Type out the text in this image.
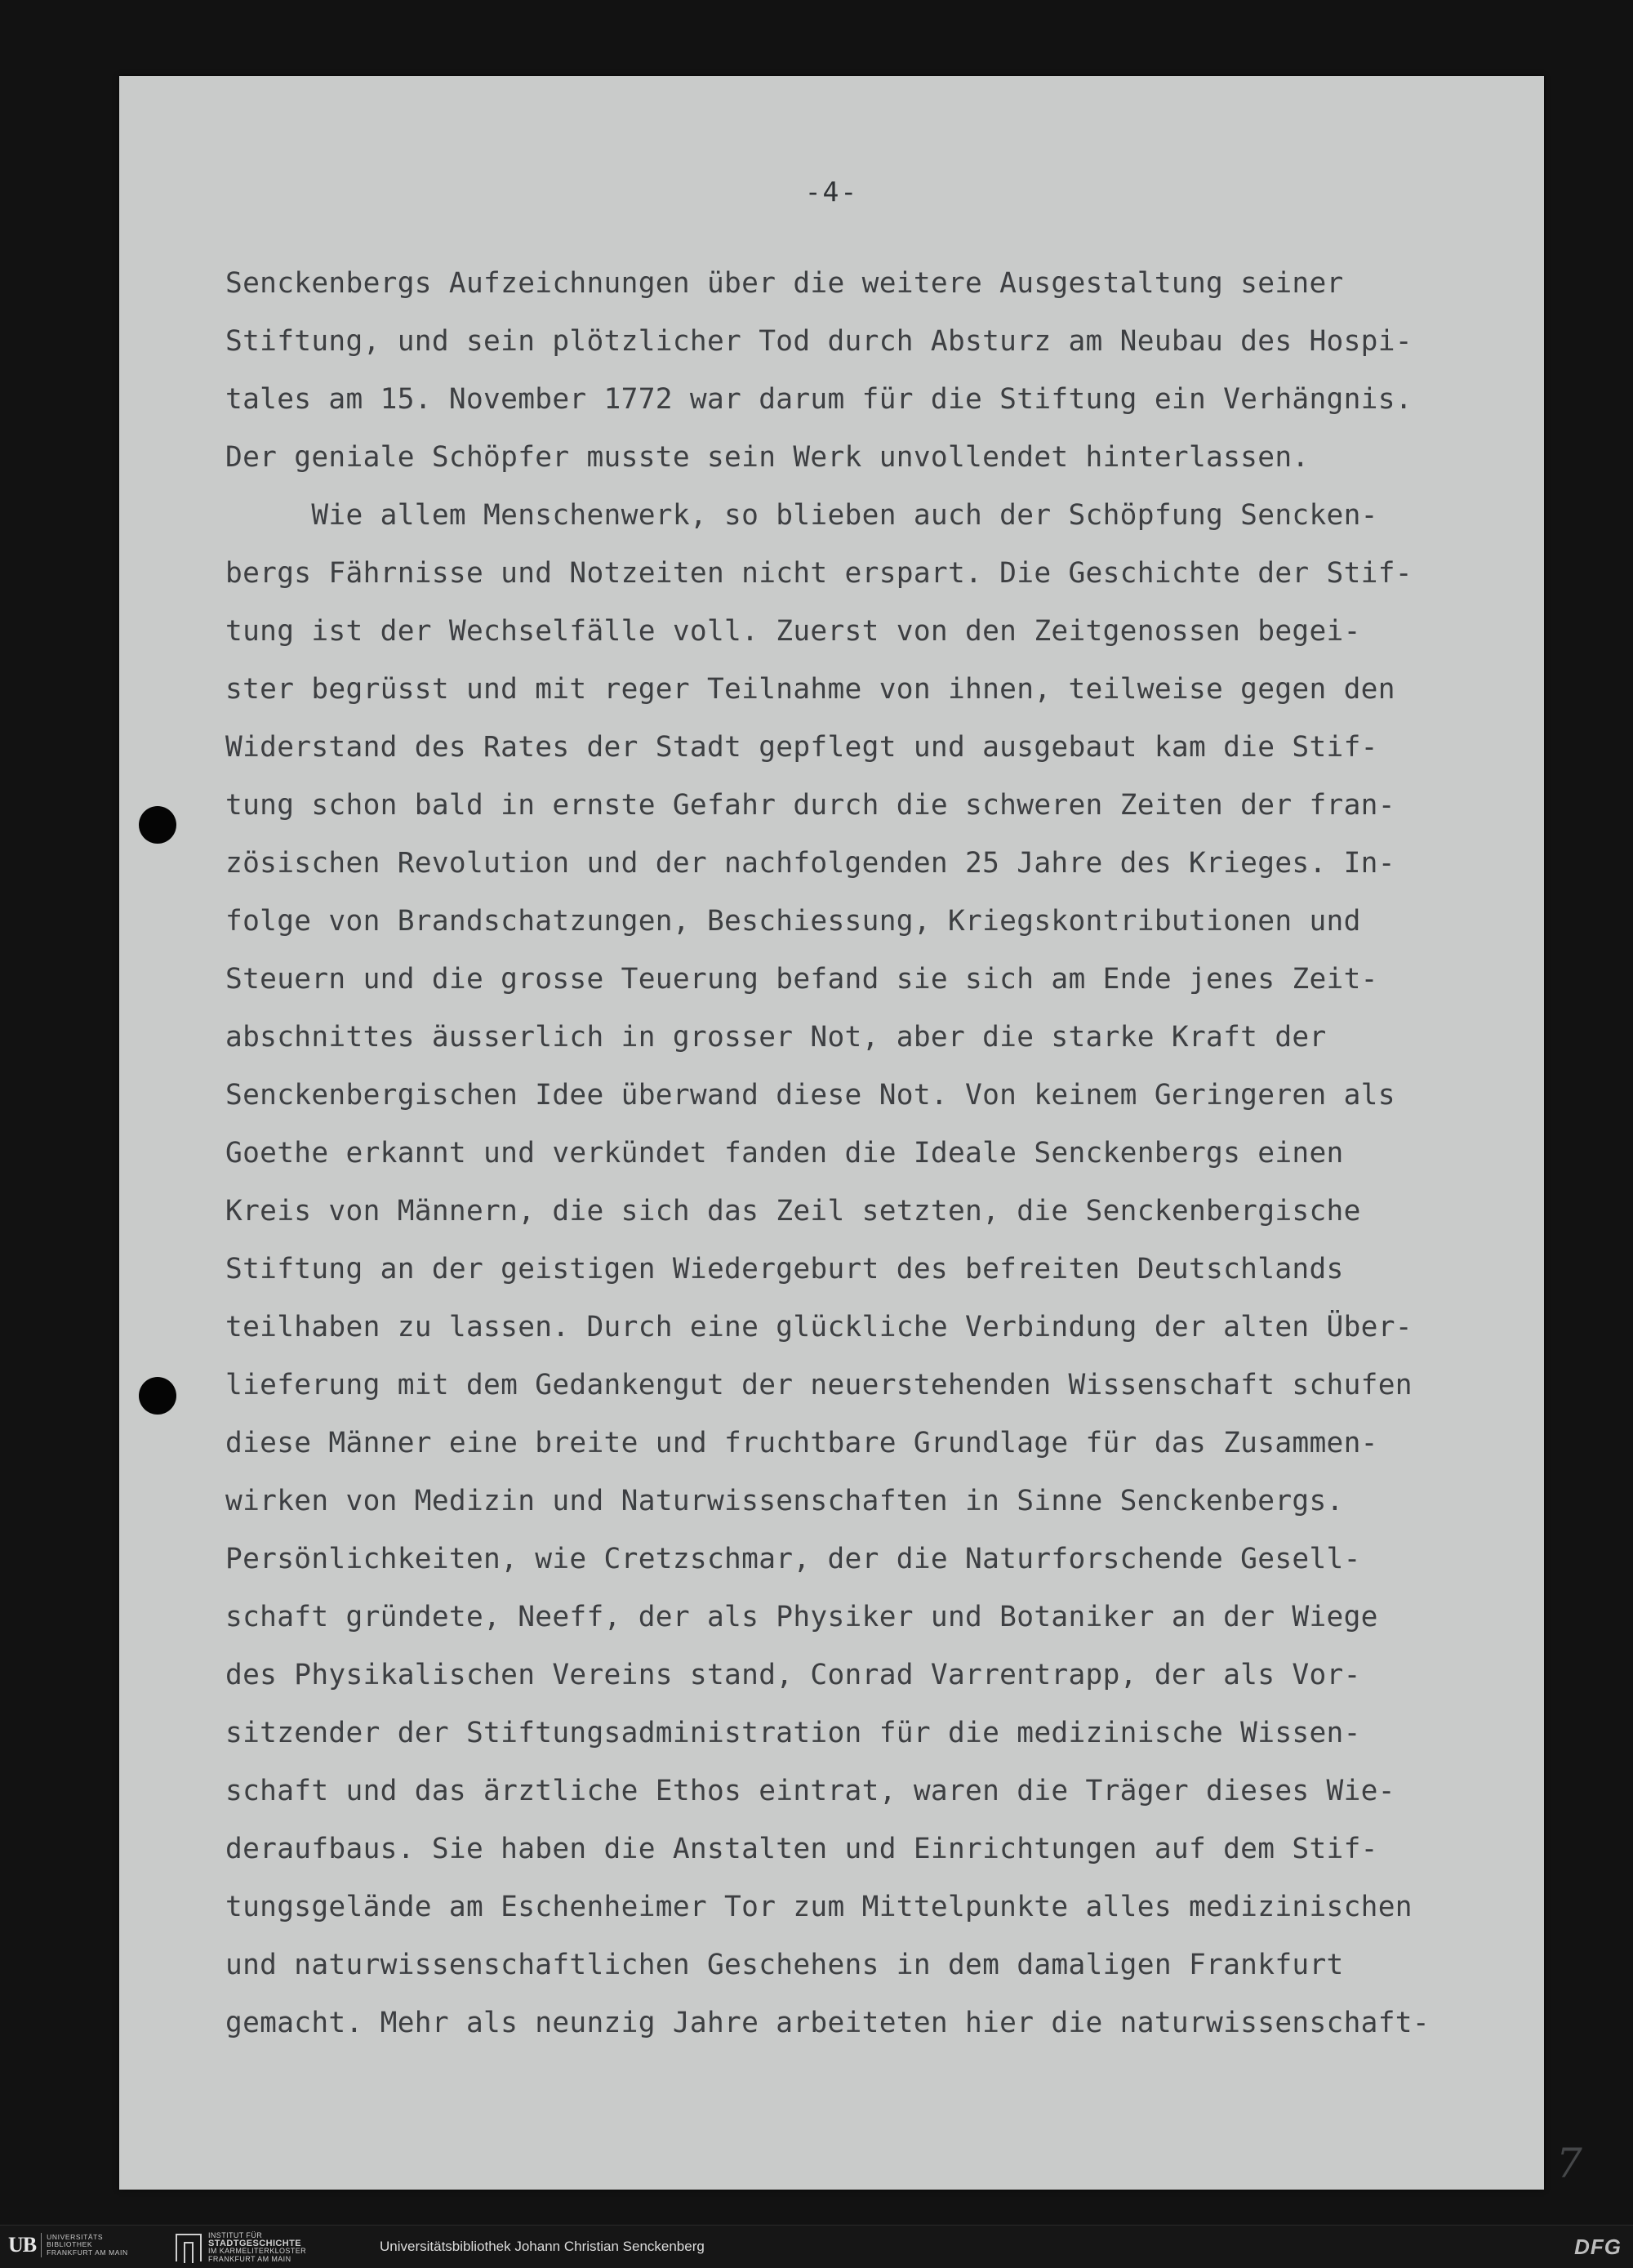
-4-
Senckenbergs Aufzeichnungen über die weitere Ausgestaltung seiner
Stiftung, und sein plötzlicher Tod durch Absturz am Neubau des Hospi-
tales am 15. November 1772 war darum für die Stiftung ein Verhängnis.
Der geniale Schöpfer musste sein Werk unvollendet hinterlassen.
Wie allem Menschenwerk, so blieben auch der Schöpfung Sencken-
bergs Fährnisse und Notzeiten nicht erspart. Die Geschichte der Stif-
tung ist der Wechselfälle voll. Zuerst von den Zeitgenossen begei-
ster begrüsst und mit reger Teilnahme von ihnen, teilweise gegen den
Widerstand des Rates der Stadt gepflegt und ausgebaut kam die Stif-
tung schon bald in ernste Gefahr durch die schweren Zeiten der fran-
zösischen Revolution und der nachfolgenden 25 Jahre des Krieges. In-
folge von Brandschatzungen, Beschiessung, Kriegskontributionen und
Steuern und die grosse Teuerung befand sie sich am Ende jenes Zeit-
abschnittes äusserlich in grosser Not, aber die starke Kraft der
Senckenbergischen Idee überwand diese Not. Von keinem Geringeren als
Goethe erkannt und verkündet fanden die Ideale Senckenbergs einen
Kreis von Männern, die sich das Zeil setzten, die Senckenbergische
Stiftung an der geistigen Wiedergeburt des befreiten Deutschlands
teilhaben zu lassen. Durch eine glückliche Verbindung der alten Über-
lieferung mit dem Gedankengut der neuerstehenden Wissenschaft schufen
diese Männer eine breite und fruchtbare Grundlage für das Zusammen-
wirken von Medizin und Naturwissenschaften in Sinne Senckenbergs.
Persönlichkeiten, wie Cretzschmar, der die Naturforschende Gesell-
schaft gründete, Neeff, der als Physiker und Botaniker an der Wiege
des Physikalischen Vereins stand, Conrad Varrentrapp, der als Vor-
sitzender der Stiftungsadministration für die medizinische Wissen-
schaft und das ärztliche Ethos eintrat, waren die Träger dieses Wie-
deraufbaus. Sie haben die Anstalten und Einrichtungen auf dem Stif-
tungsgelände am Eschenheimer Tor zum Mittelpunkte alles medizinischen
und naturwissenschaftlichen Geschehens in dem damaligen Frankfurt
gemacht. Mehr als neunzig Jahre arbeiteten hier die naturwissenschaft-
7
UB	UNIVERSITÄTS
BIBLIOTHEK
FRANKFURT AM MAIN
INSTITUT FÜR
STADTGESCHICHTE
IM KARMELITERKLOSTER
FRANKFURT AM MAIN
Universitätsbibliothek Johann Christian Senckenberg	DFG
